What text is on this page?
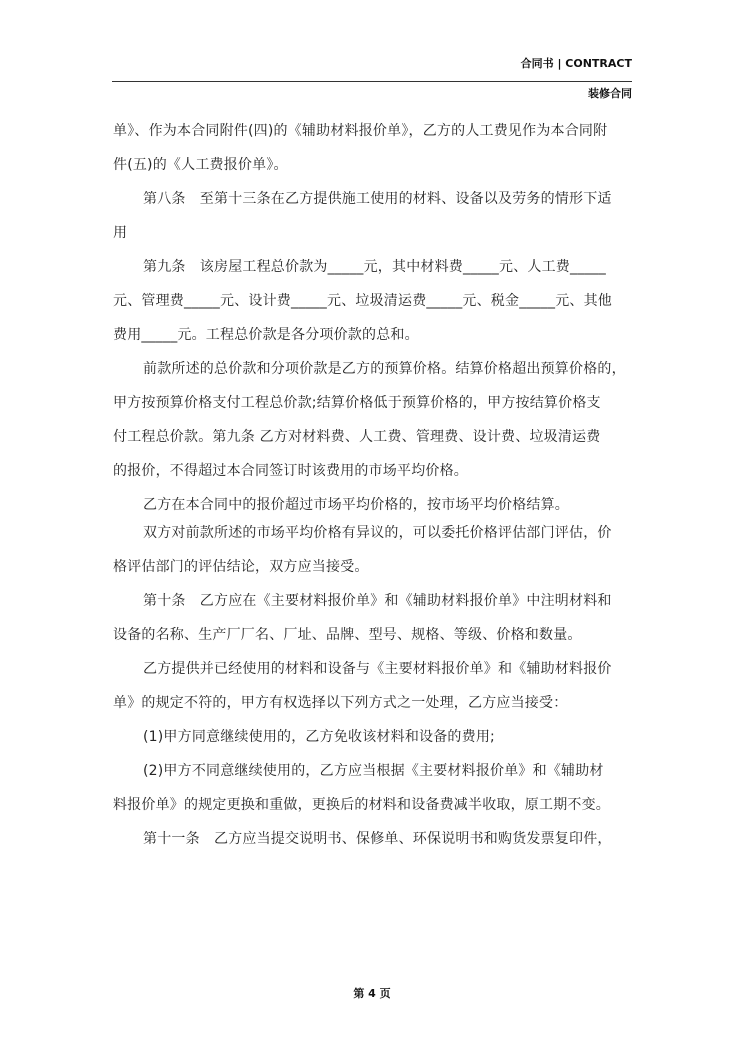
合同书 | CONTRACT
装修合同
单》、作为本合同附件(四)的《辅助材料报价单》，乙方的人工费见作为本合同附
件(五)的《人工费报价单》。
第八条　至第十三条在乙方提供施工使用的材料、设备以及劳务的情形下适
用
第九条　该房屋工程总价款为_____元，其中材料费_____元、人工费_____
元、管理费_____元、设计费_____元、垃圾清运费_____元、税金_____元、其他
费用_____元。工程总价款是各分项价款的总和。
前款所述的总价款和分项价款是乙方的预算价格。结算价格超出预算价格的，
甲方按预算价格支付工程总价款;结算价格低于预算价格的，甲方按结算价格支
付工程总价款。第九条 乙方对材料费、人工费、管理费、设计费、垃圾清运费
的报价，不得超过本合同签订时该费用的市场平均价格。
乙方在本合同中的报价超过市场平均价格的，按市场平均价格结算。
双方对前款所述的市场平均价格有异议的，可以委托价格评估部门评估，价
格评估部门的评估结论，双方应当接受。
第十条　乙方应在《主要材料报价单》和《辅助材料报价单》中注明材料和
设备的名称、生产厂厂名、厂址、品牌、型号、规格、等级、价格和数量。
乙方提供并已经使用的材料和设备与《主要材料报价单》和《辅助材料报价
单》的规定不符的，甲方有权选择以下列方式之一处理，乙方应当接受：
(1)甲方同意继续使用的，乙方免收该材料和设备的费用;
(2)甲方不同意继续使用的，乙方应当根据《主要材料报价单》和《辅助材
料报价单》的规定更换和重做，更换后的材料和设备费减半收取，原工期不变。
第十一条　乙方应当提交说明书、保修单、环保说明书和购货发票复印件，
第 4 页
